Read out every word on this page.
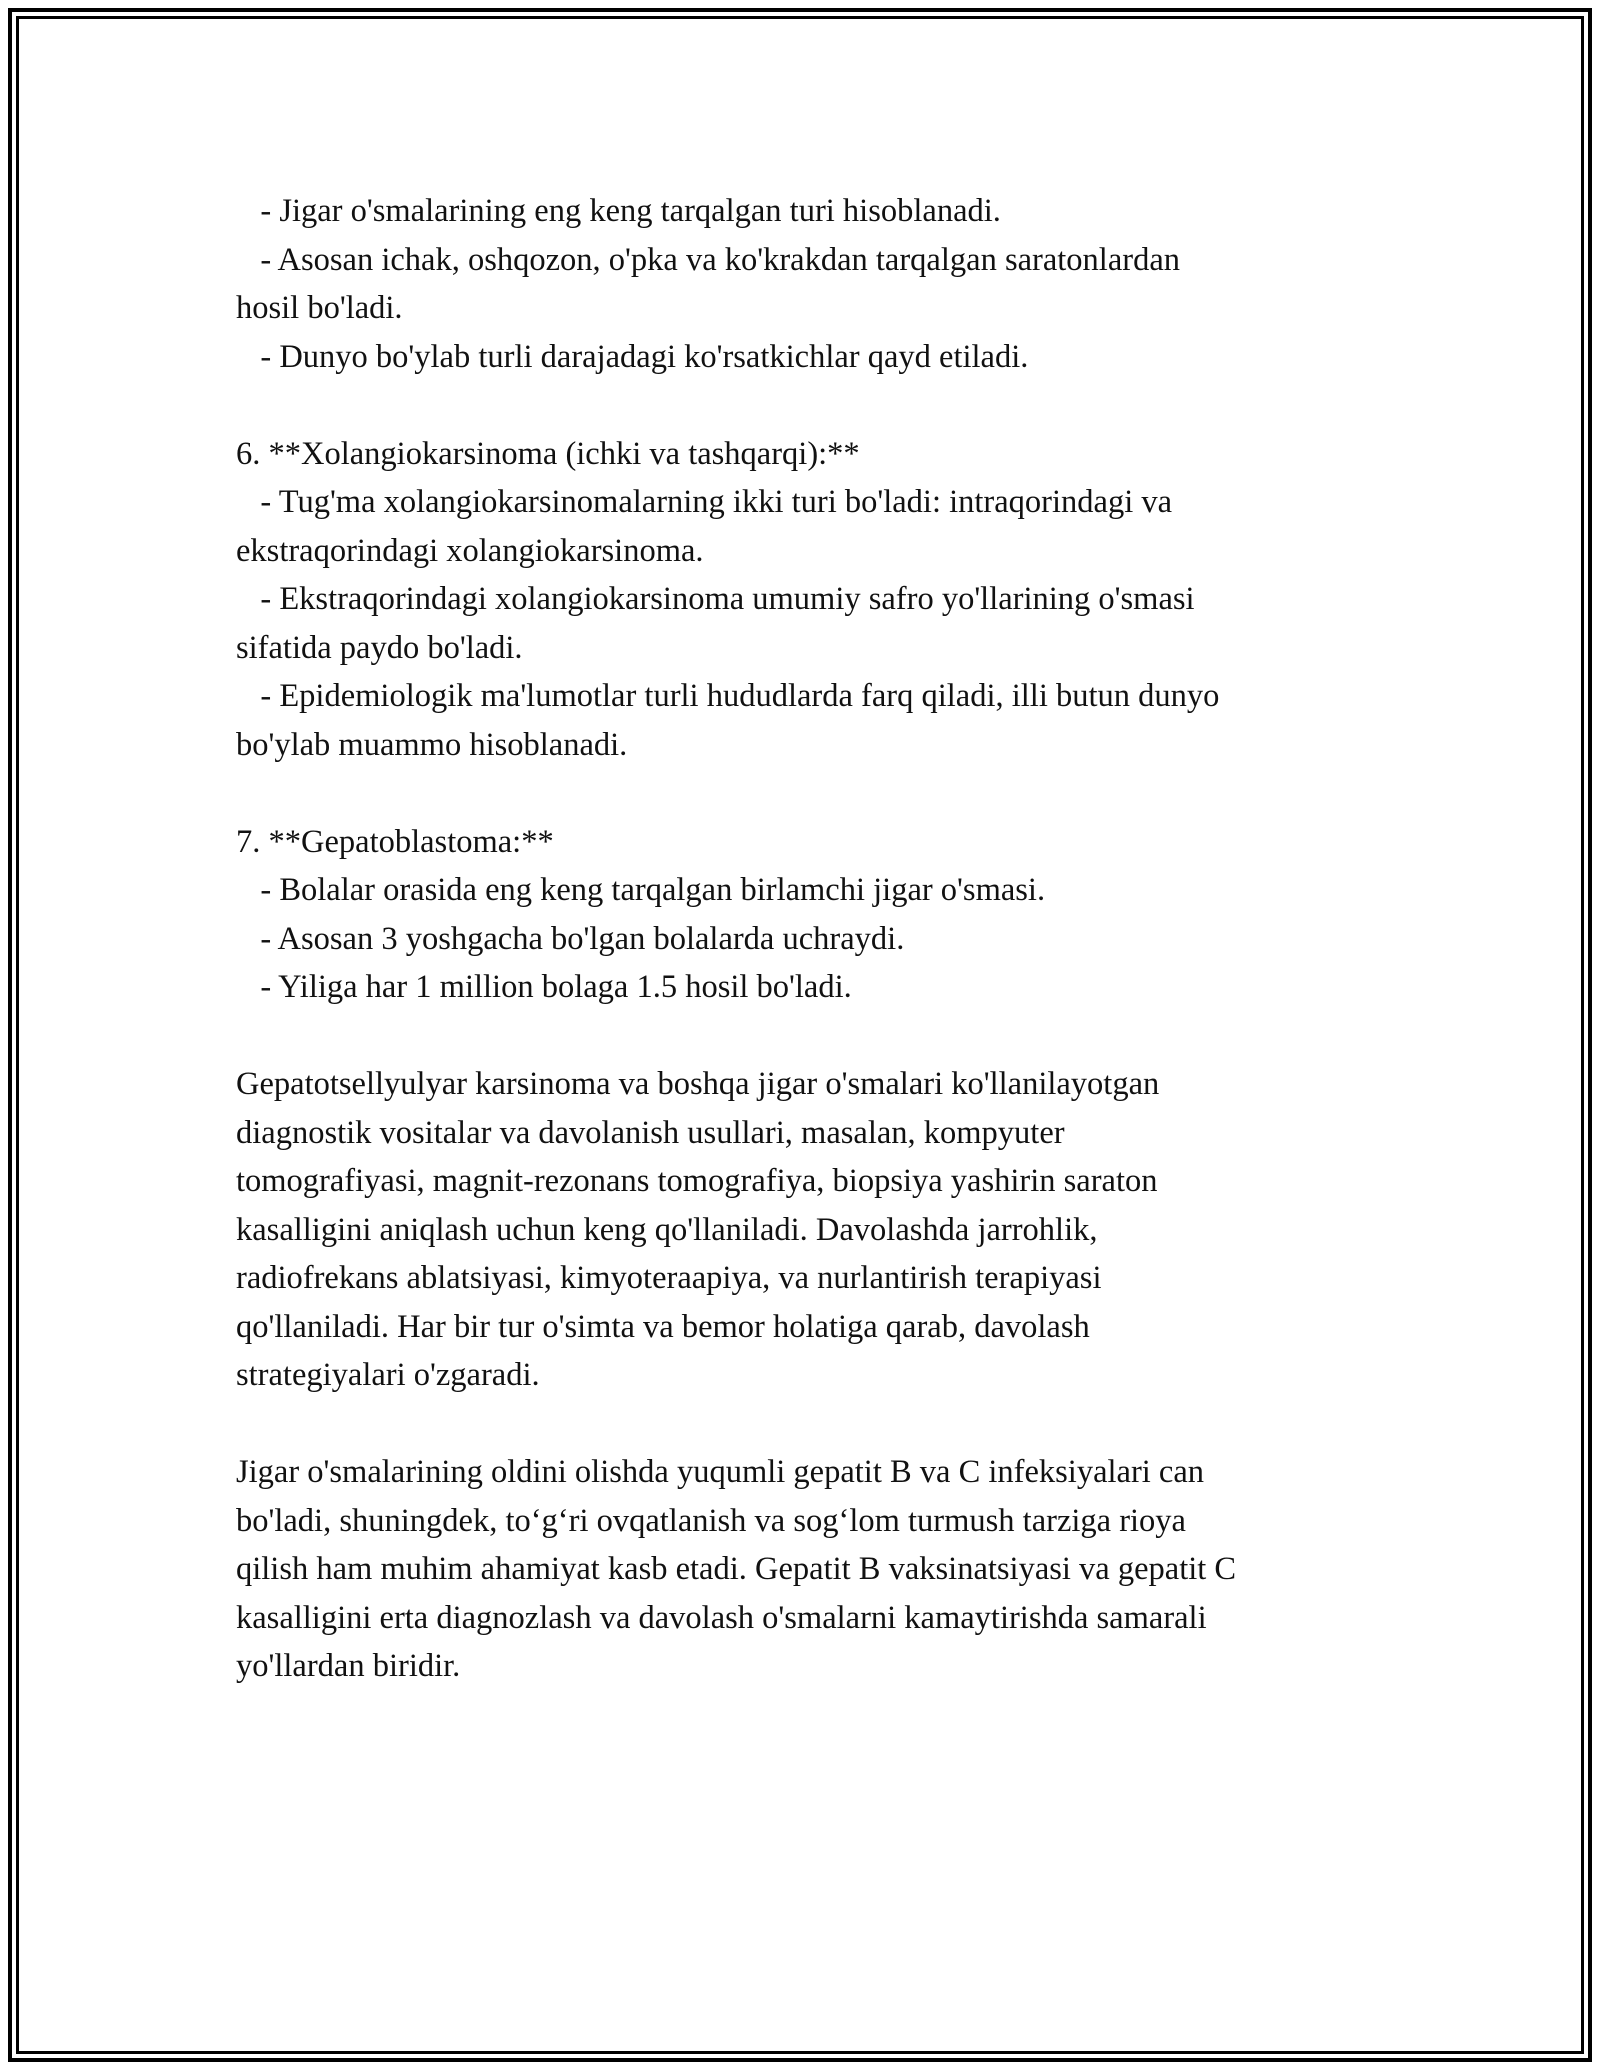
- Jigar o'smalarining eng keng tarqalgan turi hisoblanadi.
- Asosan ichak, oshqozon, o'pka va ko'krakdan tarqalgan saratonlardan
hosil bo'ladi.
- Dunyo bo'ylab turli darajadagi ko'rsatkichlar qayd etiladi.
6. **Xolangiokarsinoma (ichki va tashqarqi):**
- Tug'ma xolangiokarsinomalarning ikki turi bo'ladi: intraqorindagi va
ekstraqorindagi xolangiokarsinoma.
- Ekstraqorindagi xolangiokarsinoma umumiy safro yo'llarining o'smasi
sifatida paydo bo'ladi.
- Epidemiologik ma'lumotlar turli hududlarda farq qiladi, illi butun dunyo
bo'ylab muammo hisoblanadi.
7. **Gepatoblastoma:**
- Bolalar orasida eng keng tarqalgan birlamchi jigar o'smasi.
- Asosan 3 yoshgacha bo'lgan bolalarda uchraydi.
- Yiliga har 1 million bolaga 1.5 hosil bo'ladi.
Gepatotsellyulyar karsinoma va boshqa jigar o'smalari ko'llanilayotgan
diagnostik vositalar va davolanish usullari, masalan, kompyuter
tomografiyasi, magnit-rezonans tomografiya, biopsiya yashirin saraton
kasalligini aniqlash uchun keng qo'llaniladi. Davolashda jarrohlik,
radiofrekans ablatsiyasi, kimyoteraapiya, va nurlantirish terapiyasi
qo'llaniladi. Har bir tur o'simta va bemor holatiga qarab, davolash
strategiyalari o'zgaradi.
Jigar o'smalarining oldini olishda yuqumli gepatit B va C infeksiyalari can
bo'ladi, shuningdek, to‘g‘ri ovqatlanish va sog‘lom turmush tarziga rioya
qilish ham muhim ahamiyat kasb etadi. Gepatit B vaksinatsiyasi va gepatit C
kasalligini erta diagnozlash va davolash o'smalarni kamaytirishda samarali
yo'llardan biridir.
